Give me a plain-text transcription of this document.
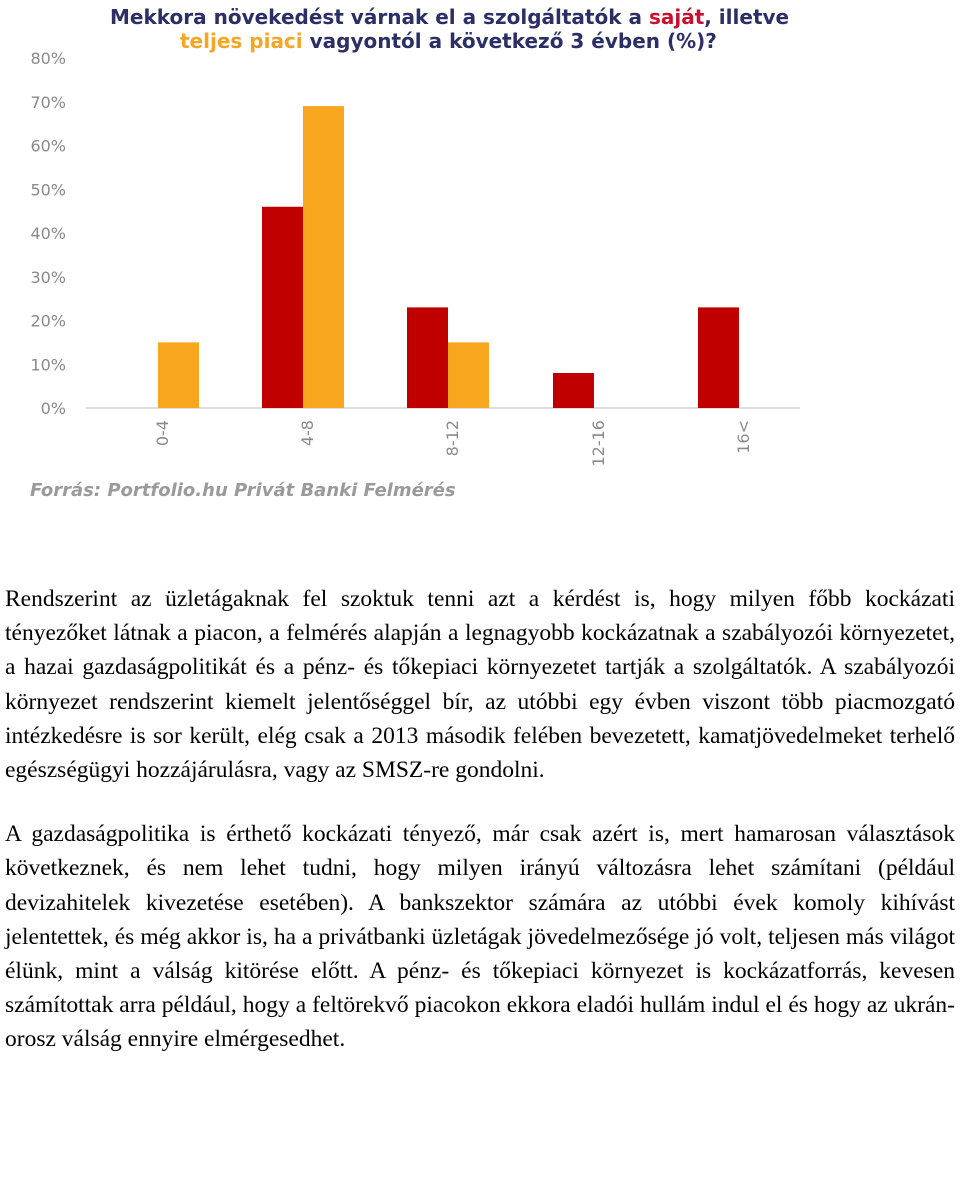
Mekkora növekedést várnak el a szolgáltatók a saját, illetve
teljes piaci vagyontól a következő 3 évben (%)?
0%
10%
20%
30%
40%
50%
60%
70%
80%
0-4	4-8	8-12	12-16	16<
Forrás: Portfolio.hu Privát Banki Felmérés

Rendszerint az üzletágaknak fel szoktuk tenni azt a kérdést is, hogy milyen főbb kockázati tényezőket látnak a piacon, a felmérés alapján a legnagyobb kockázatnak a szabályozói környezetet, a hazai gazdaságpolitikát és a pénz- és tőkepiaci környezetet tartják a szolgáltatók. A szabályozói környezet rendszerint kiemelt jelentőséggel bír, az utóbbi egy évben viszont több piacmozgató intézkedésre is sor került, elég csak a 2013 második felében bevezetett, kamatjövedelmeket terhelő egészségügyi hozzájárulásra, vagy az SMSZ-re gondolni.

A gazdaságpolitika is érthető kockázati tényező, már csak azért is, mert hamarosan választások következnek, és nem lehet tudni, hogy milyen irányú változásra lehet számítani (például devizahitelek kivezetése esetében). A bankszektor számára az utóbbi évek komoly kihívást jelentettek, és még akkor is, ha a privátbanki üzletágak jövedelmezősége jó volt, teljesen más világot élünk, mint a válság kitörése előtt. A pénz- és tőkepiaci környezet is kockázatforrás, kevesen számítottak arra például, hogy a feltörekvő piacokon ekkora eladói hullám indul el és hogy az ukrán-orosz válság ennyire elmérgesedhet.
